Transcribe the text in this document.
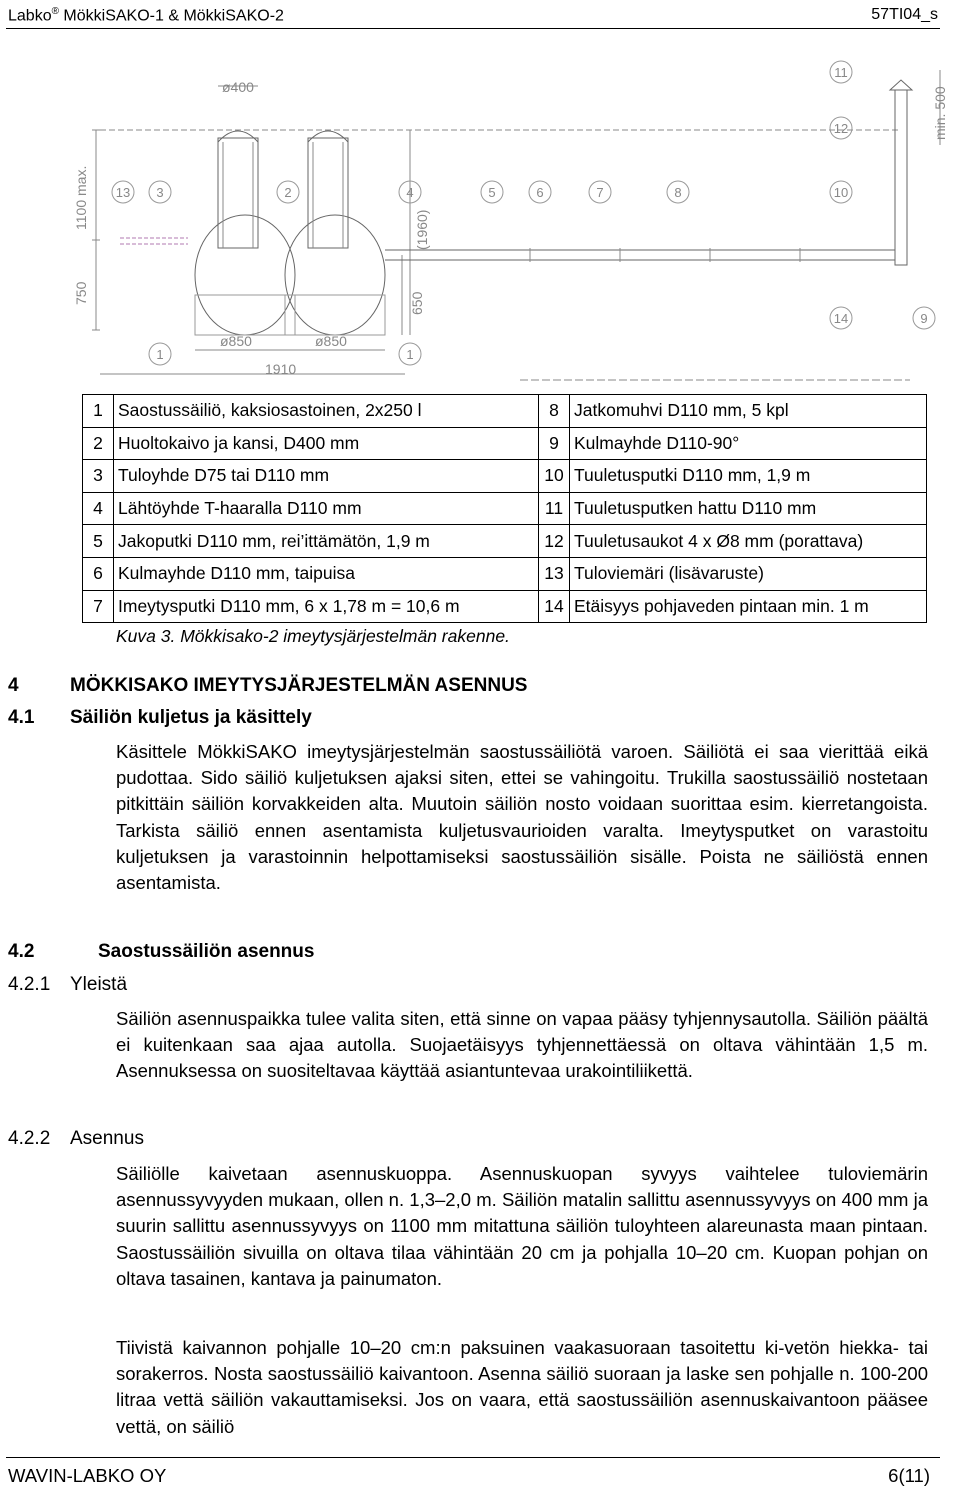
Labko® MökkiSAKO-1 & MökkiSAKO-2	57TI04_s
ø400
1100 max.
750
(1960)
650
ø850	ø850
1910
min. 500
13 3	2	4	5	6	7	8	10
11
12
14	9
1	1
1	Saostussäiliö, kaksiosastoinen, 2x250 l	8	Jatkomuhvi D110 mm, 5 kpl
2	Huoltokaivo ja kansi, D400 mm	9	Kulmayhde D110-90°
3	Tuloyhde D75 tai D110 mm	10	Tuuletusputki D110 mm, 1,9 m
4	Lähtöyhde T-haaralla D110 mm	11	Tuuletusputken hattu D110 mm
5	Jakoputki D110 mm, rei’ittämätön, 1,9 m	12	Tuuletusaukot 4 x Ø8 mm (porattava)
6	Kulmayhde D110 mm, taipuisa	13	Tuloviemäri (lisävaruste)
7	Imeytysputki D110 mm, 6 x 1,78 m = 10,6 m	14	Etäisyys pohjaveden pintaan min. 1 m
Kuva 3. Mökkisako-2 imeytysjärjestelmän rakenne.
4	MÖKKISAKO IMEYTYSJÄRJESTELMÄN ASENNUS
4.1 Säiliön kuljetus ja käsittely
Käsittele MökkiSAKO imeytysjärjestelmän saostussäiliötä varoen. Säiliötä ei saa vierittää eikä pudottaa. Sido säiliö kuljetuksen ajaksi siten, ettei se vahingoitu. Trukilla saostussäiliö nostetaan pitkittäin säiliön korvakkeiden alta. Muutoin säiliön nosto voidaan suorittaa esim. kierretangoista. Tarkista säiliö ennen asentamista kuljetusvaurioiden varalta. Imeytysputket on varastoitu kuljetuksen ja varastoinnin helpottamiseksi saostussäiliön sisälle. Poista ne säiliöstä ennen asentamista.
4.2	Saostussäiliön asennus
4.2.1 Yleistä
Säiliön asennuspaikka tulee valita siten, että sinne on vapaa pääsy tyhjennysautolla. Säiliön päältä ei kuitenkaan saa ajaa autolla. Suojaetäisyys tyhjennettäessä on oltava vähintään 1,5 m. Asennuksessa on suositeltavaa käyttää asiantuntevaa urakointiliikettä.
4.2.2 Asennus
Säiliölle kaivetaan asennuskuoppa. Asennuskuopan syvyys vaihtelee tuloviemärin asennussyvyyden mukaan, ollen n. 1,3–2,0 m. Säiliön matalin sallittu asennussyvyys on 400 mm ja suurin sallittu asennussyvyys on 1100 mm mitattuna säiliön tuloyhteen alareunasta maan pintaan. Saostussäiliön sivuilla on oltava tilaa vähintään 20 cm ja pohjalla 10–20 cm. Kuopan pohjan on oltava tasainen, kantava ja painumaton.
Tiivistä kaivannon pohjalle 10–20 cm:n paksuinen vaakasuoraan tasoitettu ki-vetön hiekka- tai sorakerros. Nosta saostussäiliö kaivantoon. Asenna säiliö suoraan ja laske sen pohjalle n. 100-200 litraa vettä säiliön vakauttamiseksi. Jos on vaara, että saostussäiliön asennuskaivantoon pääsee vettä, on säiliö
WAVIN-LABKO OY	6(11)
